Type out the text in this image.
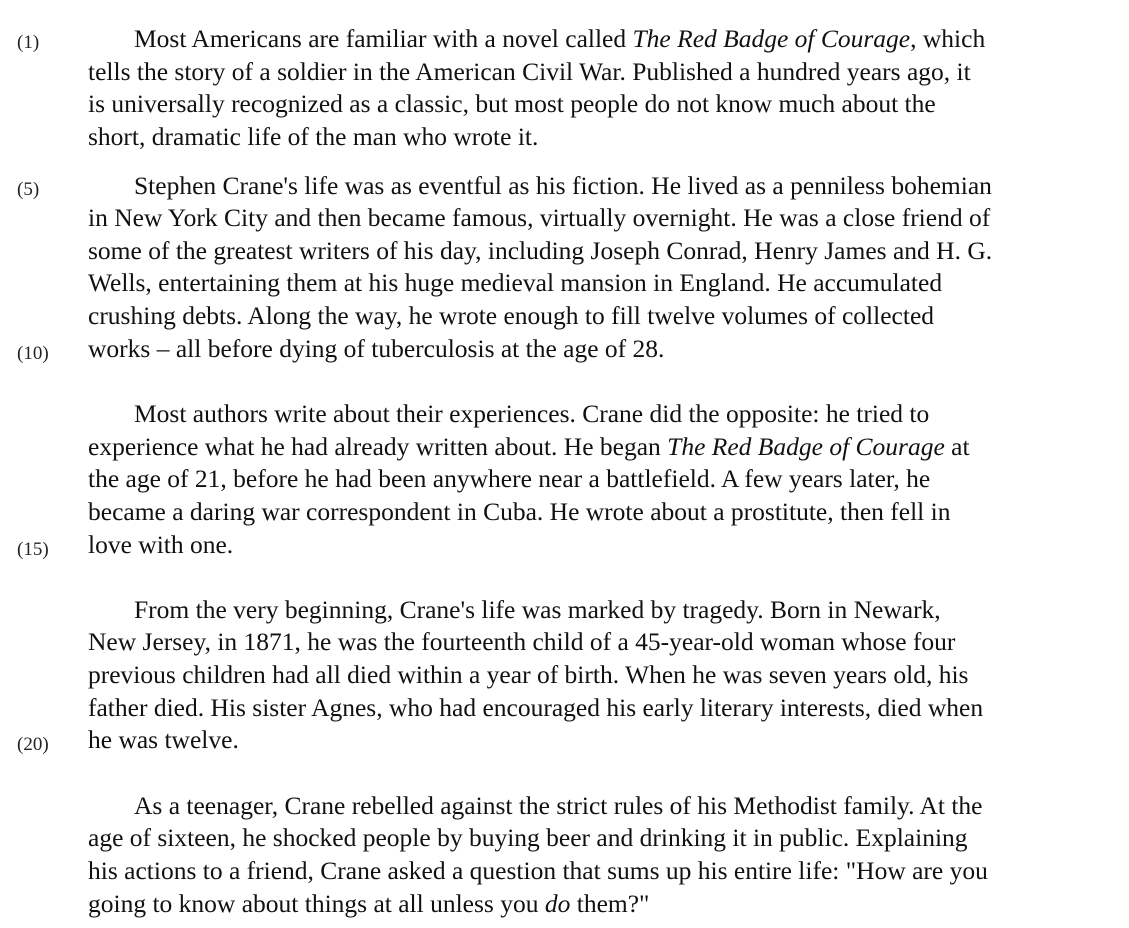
(1)	Most Americans are familiar with a novel called The Red Badge of Courage, which
tells the story of a soldier in the American Civil War. Published a hundred years ago, it
is universally recognized as a classic, but most people do not know much about the
short, dramatic life of the man who wrote it.
(5)	Stephen Crane's life was as eventful as his fiction. He lived as a penniless bohemian
in New York City and then became famous, virtually overnight. He was a close friend of
some of the greatest writers of his day, including Joseph Conrad, Henry James and H. G.
Wells, entertaining them at his huge medieval mansion in England. He accumulated
crushing debts. Along the way, he wrote enough to fill twelve volumes of collected
(10) works – all before dying of tuberculosis at the age of 28.
Most authors write about their experiences. Crane did the opposite: he tried to
experience what he had already written about. He began The Red Badge of Courage at
the age of 21, before he had been anywhere near a battlefield. A few years later, he
became a daring war correspondent in Cuba. He wrote about a prostitute, then fell in
(15) love with one.
From the very beginning, Crane's life was marked by tragedy. Born in Newark,
New Jersey, in 1871, he was the fourteenth child of a 45-year-old woman whose four
previous children had all died within a year of birth. When he was seven years old, his
father died. His sister Agnes, who had encouraged his early literary interests, died when
(20) he was twelve.
As a teenager, Crane rebelled against the strict rules of his Methodist family. At the
age of sixteen, he shocked people by buying beer and drinking it in public. Explaining
his actions to a friend, Crane asked a question that sums up his entire life: "How are you
going to know about things at all unless you do them?"
